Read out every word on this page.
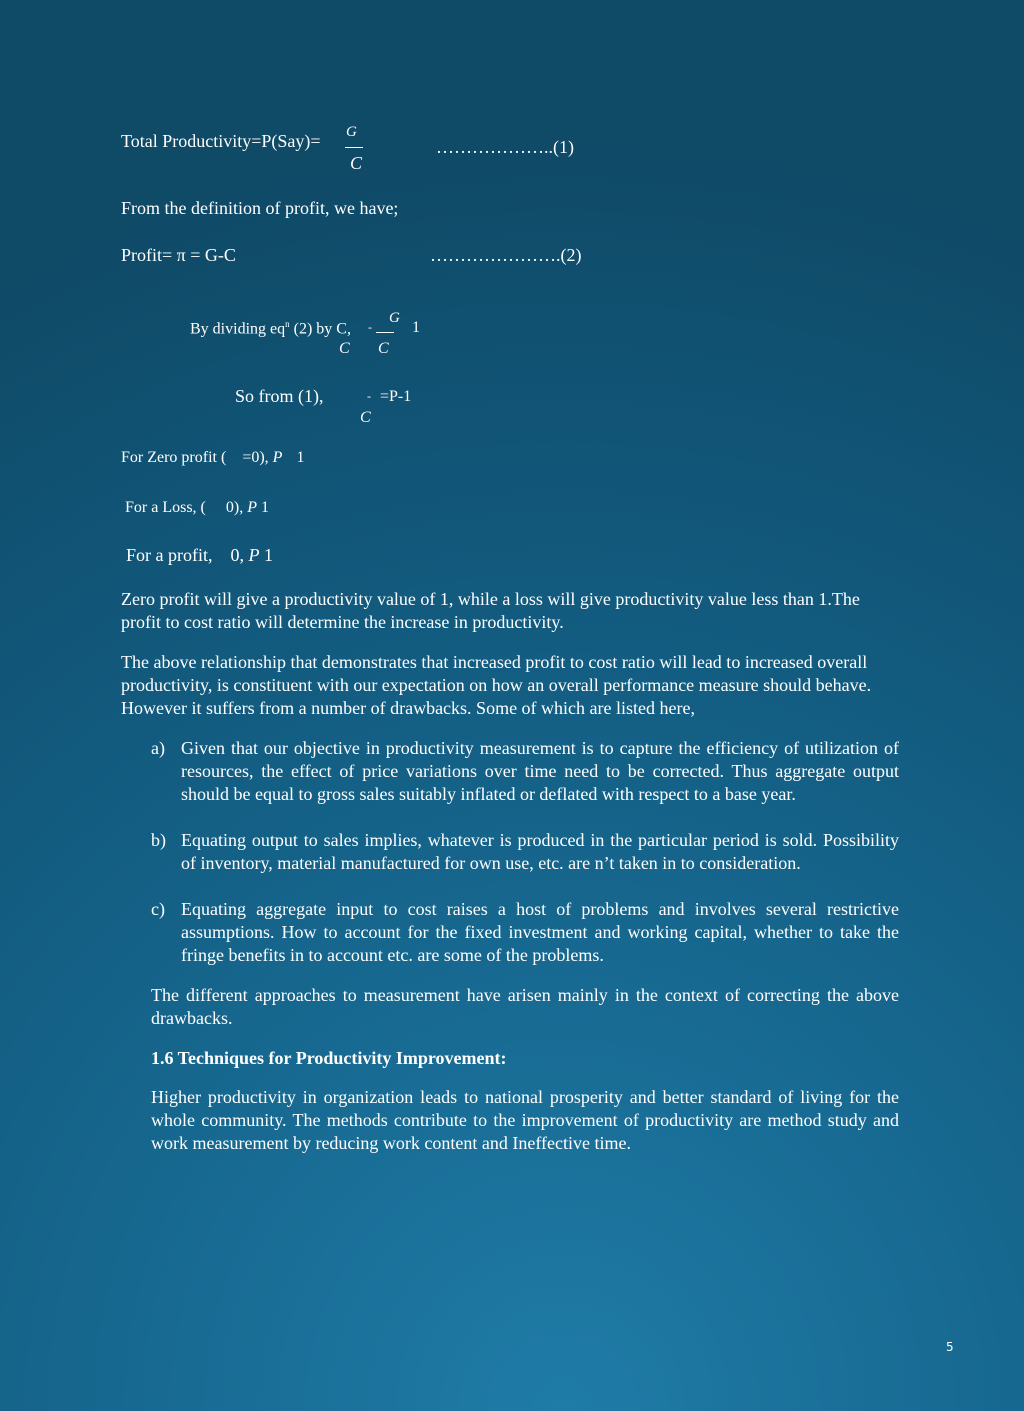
Total Productivity=P(Say)= G
C
………………..(1)
From the definition of profit, we have;
Profit= π = G-C	………………….(2)
By dividing $eq^n$ (2) by C, -
G
1
C C
So from (1),	- =P-1
C
For Zero profit ( =0), P 1
For a Loss, ( 0), P 1
For a profit, 0, P 1
Zero profit will give a productivity value of 1, while a loss will give productivity value less than 1.The profit to cost ratio will determine the increase in productivity.
The above relationship that demonstrates that increased profit to cost ratio will lead to increased overall productivity, is constituent with our expectation on how an overall performance measure should behave. However it suffers from a number of drawbacks. Some of which are listed here,
a) Given that our objective in productivity measurement is to capture the efficiency of utilization of resources, the effect of price variations over time need to be corrected. Thus aggregate output should be equal to gross sales suitably inflated or deflated with respect to a base year.
b) Equating output to sales implies, whatever is produced in the particular period is sold. Possibility of inventory, material manufactured for own use, etc. are n’t taken in to consideration.
c) Equating aggregate input to cost raises a host of problems and involves several restrictive assumptions. How to account for the fixed investment and working capital, whether to take the fringe benefits in to account etc. are some of the problems.
The different approaches to measurement have arisen mainly in the context of correcting the above drawbacks.
1.6 Techniques for Productivity Improvement:
Higher productivity in organization leads to national prosperity and better standard of living for the whole community. The methods contribute to the improvement of productivity are method study and work measurement by reducing work content and Ineffective time.
5
